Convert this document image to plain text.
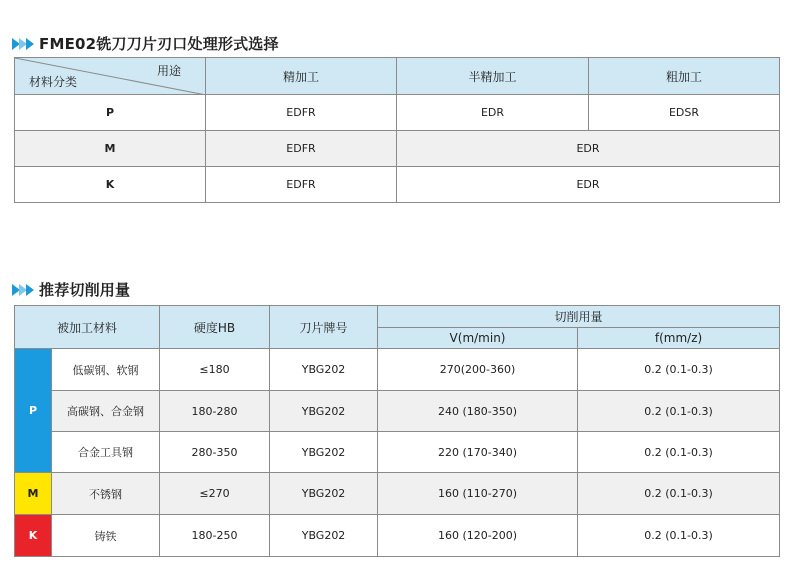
FME02铣刀刀片刃口处理形式选择
用途
材料分类	精加工	半精加工	粗加工
P	EDFR	EDR	EDSR
M	EDFR	EDR	
K	EDFR	EDR	
推荐切削用量
被加工材料		硬度HB	刀片牌号	切削用量	
				V(m/min)	f(mm/z)
P	低碳钢、软钢	≤180	YBG202	270(200-360)	0.2 (0.1-0.3)
	高碳钢、合金钢	180-280	YBG202	240 (180-350)	0.2 (0.1-0.3)
	合金工具钢	280-350	YBG202	220 (170-340)	0.2 (0.1-0.3)
M	不锈钢	≤270	YBG202	160 (110-270)	0.2 (0.1-0.3)
K	铸铁	180-250	YBG202	160 (120-200)	0.2 (0.1-0.3)
